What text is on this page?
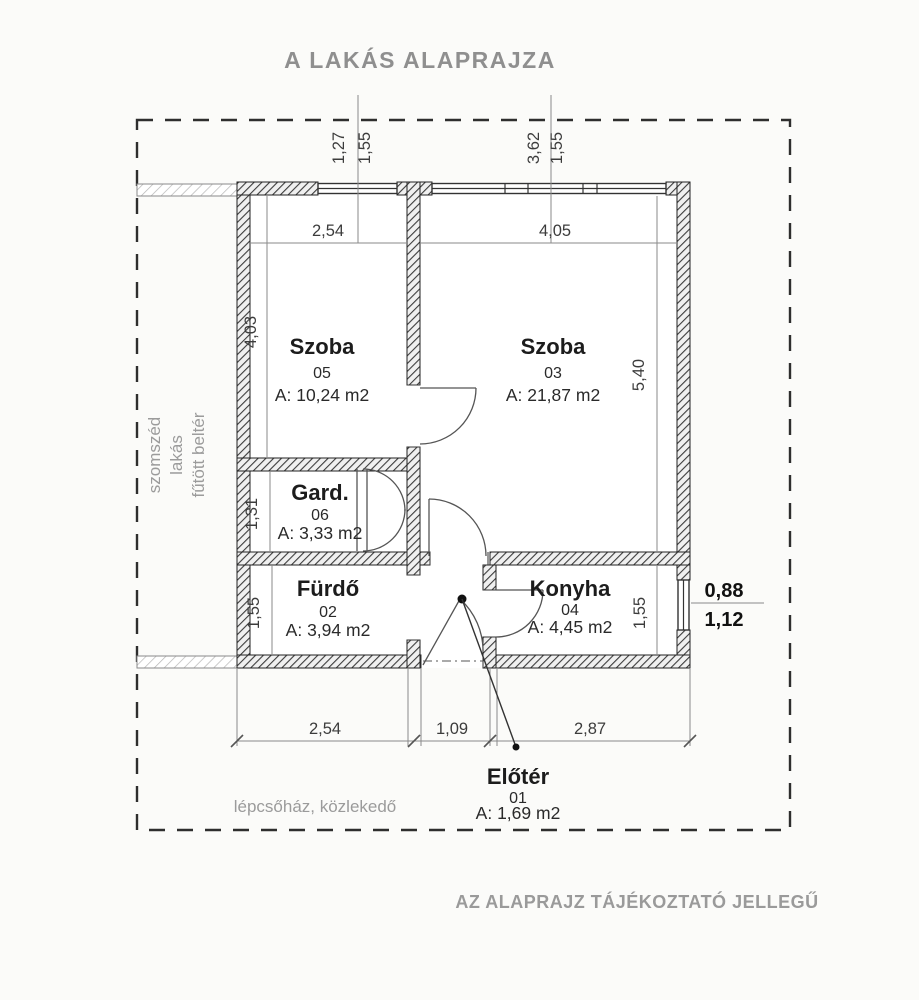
A LAKÁS ALAPRAJZA
1,27 1,55	3,62 1,55
2,54	4,05
4,03
5,40
1,31
1,55	1,55
0,88
1,12
2,54	1,09	2,87
Szoba
05
A: 10,24 m2
Szoba
03
A: 21,87 m2
Gard.
06
A: 3,33 m2
Fürdő
02
A: 3,94 m2
Konyha
04
A: 4,45 m2
Előtér
01
A: 1,69 m2
szomszéd lakás fűtött beltér
lépcsőház, közlekedő
AZ ALAPRAJZ TÁJÉKOZTATÓ JELLEGŰ
